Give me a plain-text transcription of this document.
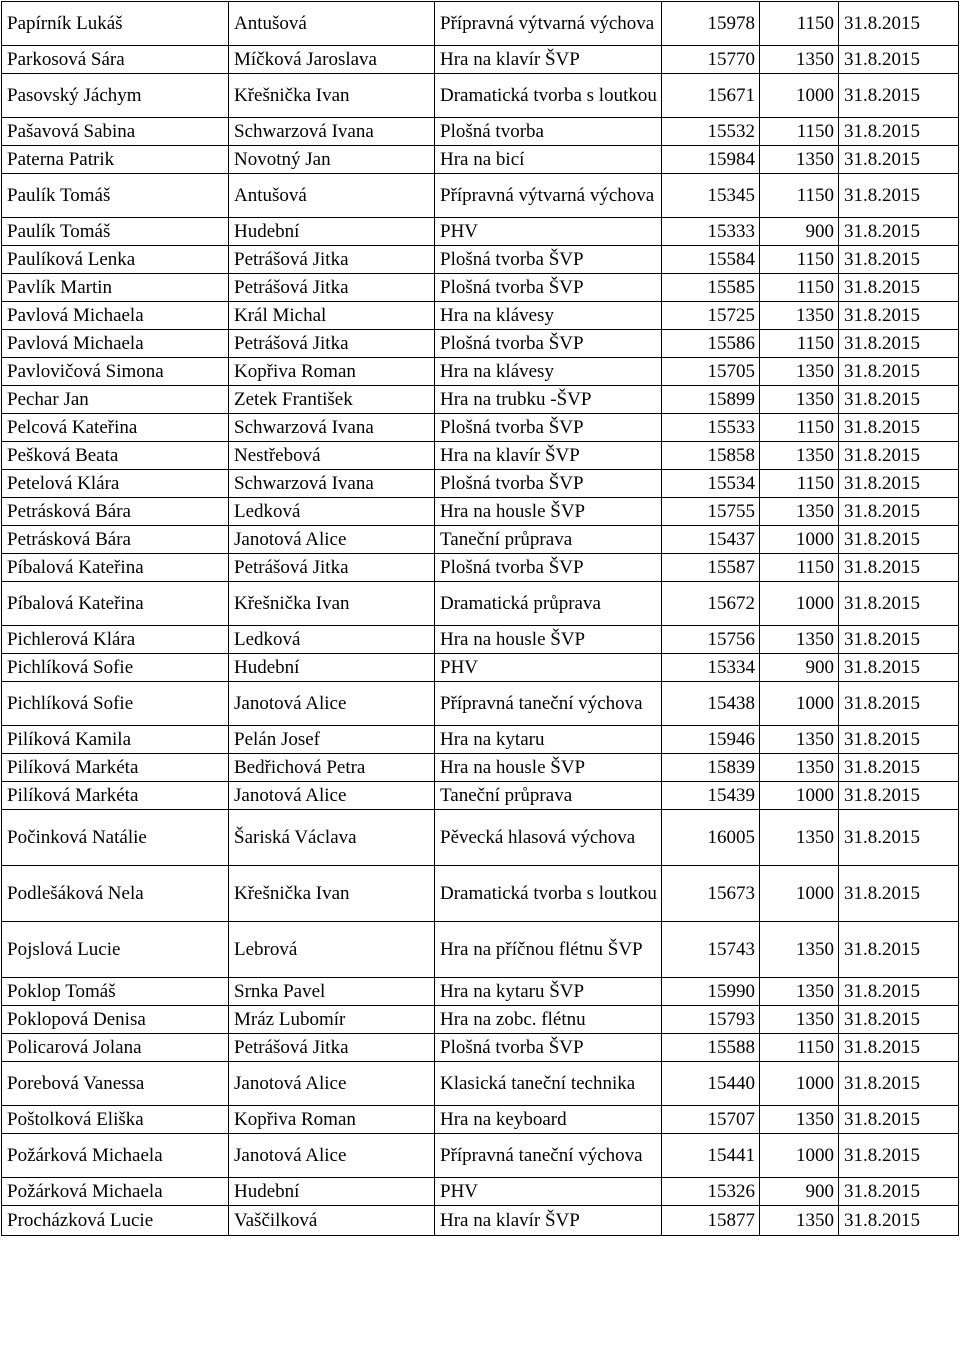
Papírník Lukáš	Antušová	Přípravná výtvarná výchova	15978	1150	31.8.2015
Parkosová Sára	Míčková Jaroslava	Hra na klavír ŠVP	15770	1350	31.8.2015
Pasovský Jáchym	Křešnička Ivan	Dramatická tvorba s loutkou	15671	1000	31.8.2015
Pašavová Sabina	Schwarzová Ivana	Plošná tvorba	15532	1150	31.8.2015
Paterna Patrik	Novotný Jan	Hra na bicí	15984	1350	31.8.2015
Paulík Tomáš	Antušová	Přípravná výtvarná výchova	15345	1150	31.8.2015
Paulík Tomáš	Hudební	PHV	15333	900	31.8.2015
Paulíková Lenka	Petrášová Jitka	Plošná tvorba ŠVP	15584	1150	31.8.2015
Pavlík Martin	Petrášová Jitka	Plošná tvorba ŠVP	15585	1150	31.8.2015
Pavlová Michaela	Král Michal	Hra na klávesy	15725	1350	31.8.2015
Pavlová Michaela	Petrášová Jitka	Plošná tvorba ŠVP	15586	1150	31.8.2015
Pavlovičová Simona	Kopřiva Roman	Hra na klávesy	15705	1350	31.8.2015
Pechar Jan	Zetek František	Hra na trubku -ŠVP	15899	1350	31.8.2015
Pelcová Kateřina	Schwarzová Ivana	Plošná tvorba ŠVP	15533	1150	31.8.2015
Pešková Beata	Nestřebová	Hra na klavír ŠVP	15858	1350	31.8.2015
Petelová Klára	Schwarzová Ivana	Plošná tvorba ŠVP	15534	1150	31.8.2015
Petrásková Bára	Ledková	Hra na housle ŠVP	15755	1350	31.8.2015
Petrásková Bára	Janotová Alice	Taneční průprava	15437	1000	31.8.2015
Píbalová Kateřina	Petrášová Jitka	Plošná tvorba ŠVP	15587	1150	31.8.2015
Píbalová Kateřina	Křešnička Ivan	Dramatická průprava	15672	1000	31.8.2015
Pichlerová Klára	Ledková	Hra na housle ŠVP	15756	1350	31.8.2015
Pichlíková Sofie	Hudební	PHV	15334	900	31.8.2015
Pichlíková Sofie	Janotová Alice	Přípravná taneční výchova	15438	1000	31.8.2015
Pilíková Kamila	Pelán Josef	Hra na kytaru	15946	1350	31.8.2015
Pilíková Markéta	Bedřichová Petra	Hra na housle ŠVP	15839	1350	31.8.2015
Pilíková Markéta	Janotová Alice	Taneční průprava	15439	1000	31.8.2015
Počinková Natálie	Šariská Václava	Pěvecká hlasová výchova	16005	1350	31.8.2015
Podlešáková Nela	Křešnička Ivan	Dramatická tvorba s loutkou	15673	1000	31.8.2015
Pojslová Lucie	Lebrová	Hra na příčnou flétnu ŠVP	15743	1350	31.8.2015
Poklop Tomáš	Srnka Pavel	Hra na kytaru ŠVP	15990	1350	31.8.2015
Poklopová Denisa	Mráz Lubomír	Hra na zobc. flétnu	15793	1350	31.8.2015
Policarová Jolana	Petrášová Jitka	Plošná tvorba ŠVP	15588	1150	31.8.2015
Porebová Vanessa	Janotová Alice	Klasická taneční technika	15440	1000	31.8.2015
Poštolková Eliška	Kopřiva Roman	Hra na keyboard	15707	1350	31.8.2015
Požárková Michaela	Janotová Alice	Přípravná taneční výchova	15441	1000	31.8.2015
Požárková Michaela	Hudební	PHV	15326	900	31.8.2015
Procházková Lucie	Vaščilková	Hra na klavír ŠVP	15877	1350	31.8.2015
